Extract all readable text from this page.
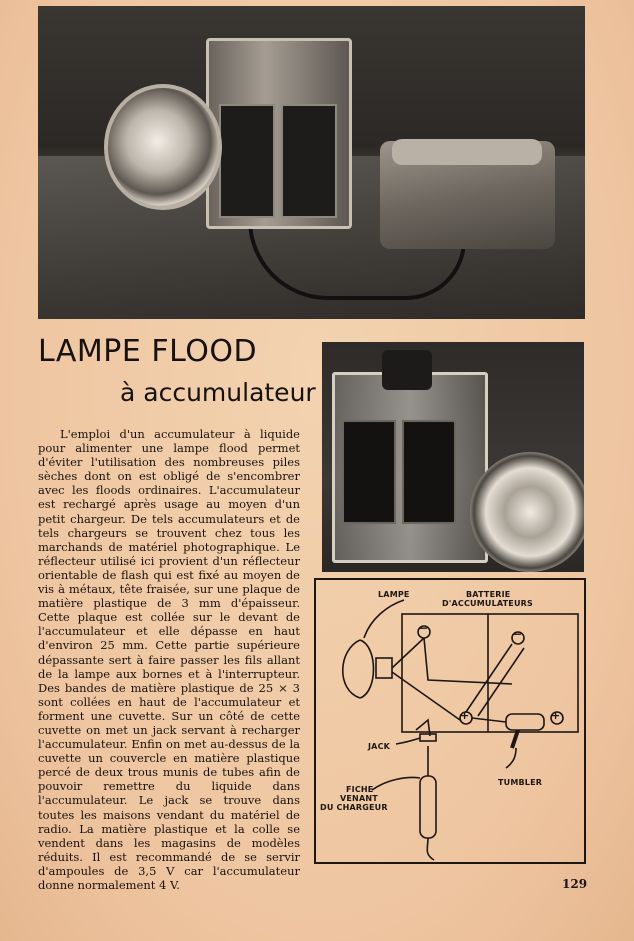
LAMPE FLOOD
à accumulateur

L'emploi d'un accumulateur à liquide pour alimenter une lampe flood permet d'éviter l'utilisation des nombreuses piles sèches dont on est obligé de s'encombrer avec les floods ordinaires. L'accumulateur est rechargé après usage au moyen d'un petit chargeur. De tels accumulateurs et de tels chargeurs se trouvent chez tous les marchands de matériel photographique. Le réflecteur utilisé ici provient d'un réflecteur orientable de flash qui est fixé au moyen de vis à métaux, tête fraisée, sur une plaque de matière plastique de 3 mm d'épaisseur. Cette plaque est collée sur le devant de l'accumulateur et elle dépasse en haut d'environ 25 mm. Cette partie supérieure dépassante sert à faire passer les fils allant de la lampe aux bornes et à l'interrupteur. Des bandes de matière plastique de 25 × 3 sont collées en haut de l'accumulateur et forment une cuvette. Sur un côté de cette cuvette on met un jack servant à recharger l'accumulateur. Enfin on met au-dessus de la cuvette un couvercle en matière plastique percé de deux trous munis de tubes afin de pouvoir remettre du liquide dans l'accumulateur. Le jack se trouve dans toutes les maisons vendant du matériel de radio. La matière plastique et la colle se vendent dans les magasins de modèles réduits. Il est recommandé de se servir d'ampoules de 3,5 V car l'accumulateur donne normalement 4 V.

LAMPE	BATTERIE
D'ACCUMULATEURS
−	−
+	+
JACK
FICHE
VENANT
DU CHARGEUR
TUMBLER
129
